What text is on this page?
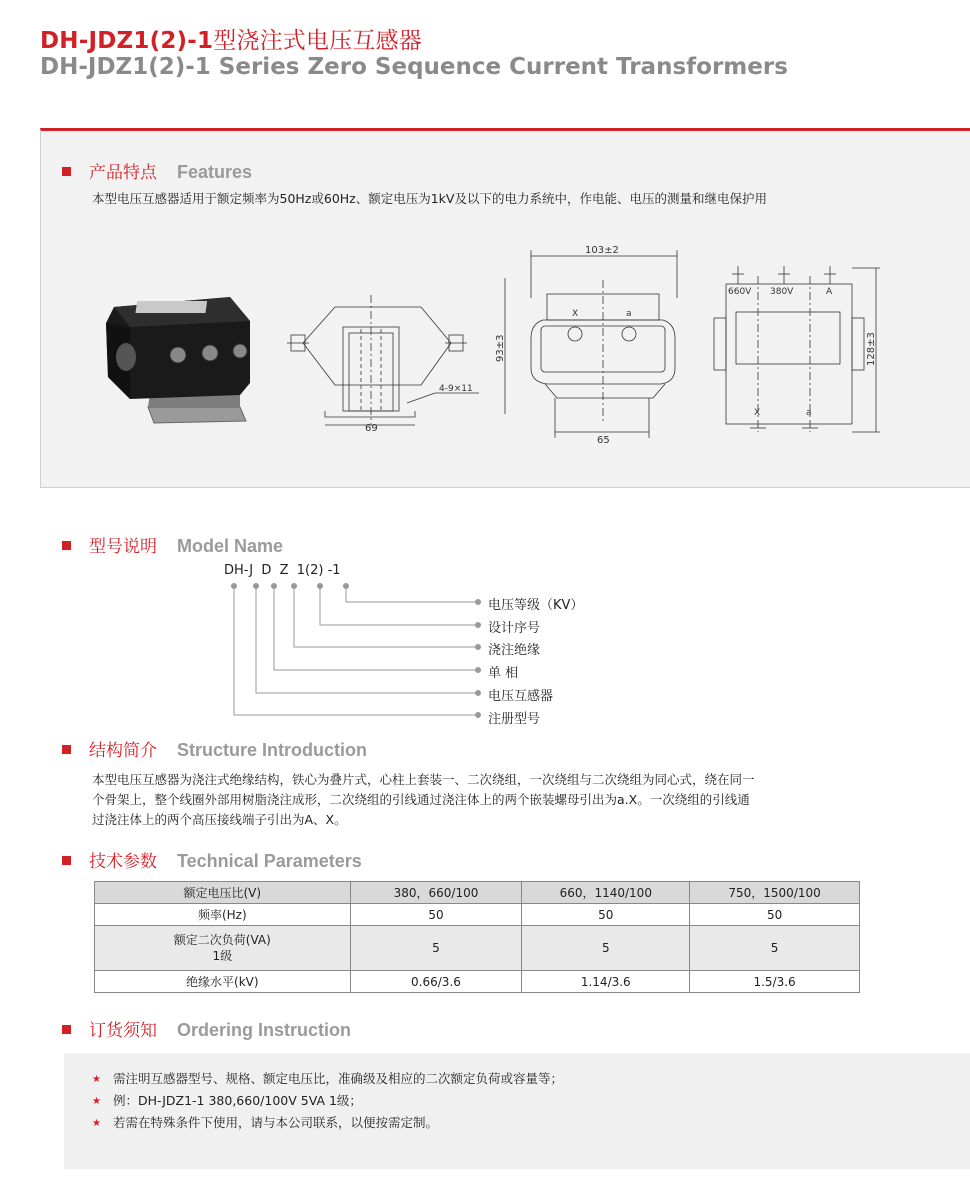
DH-JDZ1(2)-1型浇注式电压互感器
DH-JDZ1(2)-1 Series Zero Sequence Current Transformers
产品特点 Features
本型电压互感器适用于额定频率为50Hz或60Hz、额定电压为1kV及以下的电力系统中，作电能、电压的测量和继电保护用
69
4-9×11
103±2
X	a
93±3
65
660V 380V	A
X	a
128±3
型号说明 Model Name
DH-J D Z 1(2) -1
电压等级（KV）
设计序号
浇注绝缘
单 相
电压互感器
注册型号
结构简介 Structure Introduction
本型电压互感器为浇注式绝缘结构，铁心为叠片式，心柱上套装一、二次绕组，一次绕组与二次绕组为同心式，绕在同一
个骨架上，整个线圈外部用树脂浇注成形，二次绕组的引线通过浇注体上的两个嵌装螺母引出为a.X。一次绕组的引线通
过浇注体上的两个高压接线端子引出为A、X。
技术参数 Technical Parameters
额定电压比(V)	380，660/100	660，1140/100	750，1500/100
频率(Hz)	50	50	50

额定二次负荷(VA)
1级	5	5	5
绝缘水平(kV)	0.66/3.6	1.14/3.6	1.5/3.6
订货须知 Ordering Instruction
★ 需注明互感器型号、规格、额定电压比，准确级及相应的二次额定负荷或容量等；
★ 例：DH-JDZ1-1 380,660/100V 5VA 1级；
★ 若需在特殊条件下使用，请与本公司联系，以便按需定制。
